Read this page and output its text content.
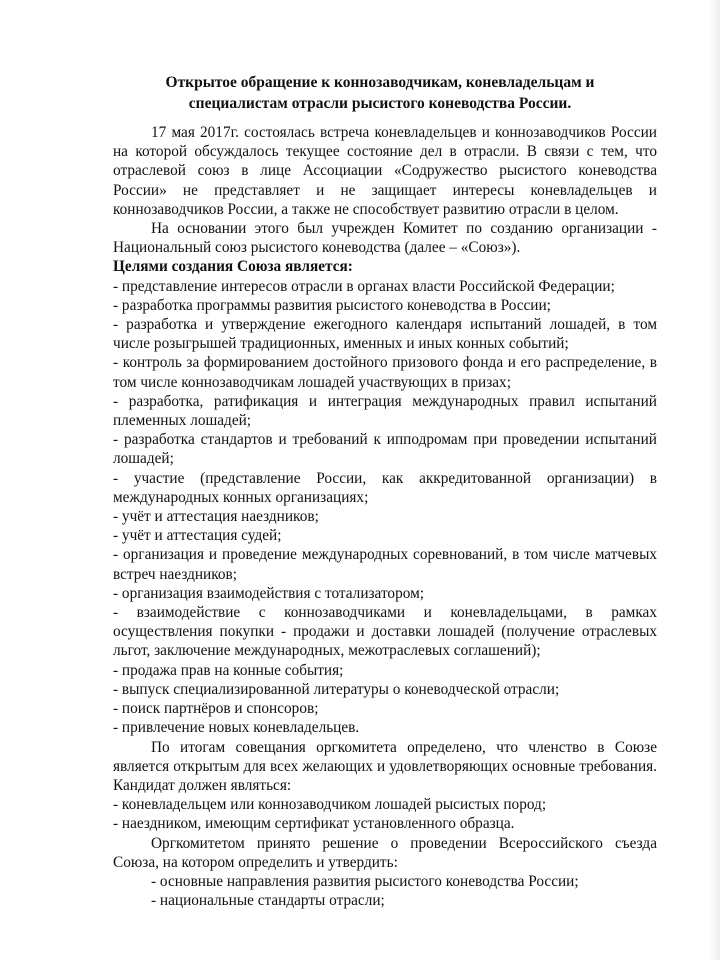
Открытое обращение к коннозаводчикам, коневладельцам и
специалистам отрасли рысистого коневодства России.

17 мая 2017г. состоялась встреча коневладельцев и коннозаводчиков России на которой обсуждалось текущее состояние дел в отрасли. В связи с тем, что отраслевой союз в лице Ассоциации «Содружество рысистого коневодства России» не представляет и не защищает интересы коневладельцев и коннозаводчиков России, а также не способствует развитию отрасли в целом.

На основании этого был учрежден Комитет по созданию организации - Национальный союз рысистого коневодства (далее – «Союз»).

Целями создания Союза является:

- представление интересов отрасли в органах власти Российской Федерации;

- разработка программы развития рысистого коневодства в России;

- разработка и утверждение ежегодного календаря испытаний лошадей, в том числе розыгрышей традиционных, именных и иных конных событий;

- контроль за формированием достойного призового фонда и его распределение, в том числе коннозаводчикам лошадей участвующих в призах;

- разработка, ратификация и интеграция международных правил испытаний племенных лошадей;

- разработка стандартов и требований к ипподромам при проведении испытаний лошадей;

- участие (представление России, как аккредитованной организации) в международных конных организациях;

- учёт и аттестация наездников;

- учёт и аттестация судей;

- организация и проведение международных соревнований, в том числе матчевых встреч наездников;

- организация взаимодействия с тотализатором;

- взаимодействие с коннозаводчиками и коневладельцами, в рамках осуществления покупки - продажи и доставки лошадей (получение отраслевых льгот, заключение международных, межотраслевых соглашений);

- продажа прав на конные события;

- выпуск специализированной литературы о коневодческой отрасли;

- поиск партнёров и спонсоров;

- привлечение новых коневладельцев.

По итогам совещания оргкомитета определено, что членство в Союзе является открытым для всех желающих и удовлетворяющих основные требования. Кандидат должен являться:

- коневладельцем или коннозаводчиком лошадей рысистых пород;

- наездником, имеющим сертификат установленного образца.

Оргкомитетом принято решение о проведении Всероссийского съезда Союза, на котором определить и утвердить:

- основные направления развития рысистого коневодства России;

- национальные стандарты отрасли;
